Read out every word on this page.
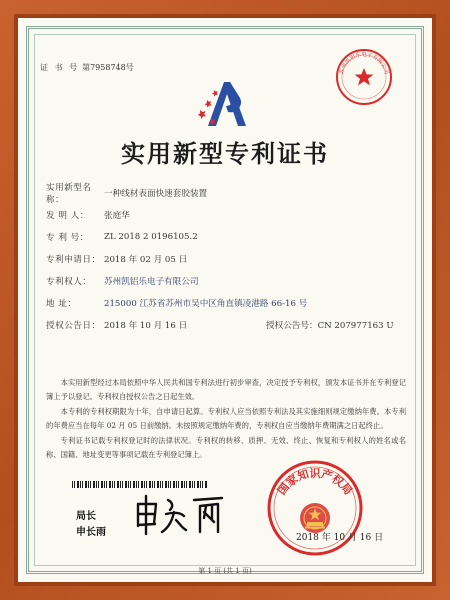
证 书 号 第7958748号	苏州凯铝乐电子有限公司
实用新型专利证书
实用新型名称：
一种线材表面快速套胶装置
发 明 人：	张庭华
专 利 号：	ZL 2018 2 0196105.2
专利申请日： 2018 年 02 月 05 日
专利权人：	苏州凯铝乐电子有限公司
地 址：	215000 江苏省苏州市吴中区角直镇凌港路 66-16 号
授权公告日： 2018 年 10 月 16 日	授权公告号：CN 207977163 U

本实用新型经过本局依照中华人民共和国专利法进行初步审查，决定授予专利权，颁发本证书并在专利登记簿上予以登记。专利权自授权公告之日起生效。

本专利的专利权期限为十年，自申请日起算。专利权人应当依照专利法及其实施细则规定缴纳年费。本专利的年费应当在每年 02 月 05 日前缴纳。未按照规定缴纳年费的，专利权自应当缴纳年费期满之日起终止。

专利证书记载专利权登记时的法律状况。专利权的转移、质押、无效、终止、恢复和专利权人的姓名或名称、国籍、地址变更等事项记载在专利登记簿上。

局长
申长雨
国家知识产权局
2018 年 10 月 16 日
第 1 页 (共 1 页)
